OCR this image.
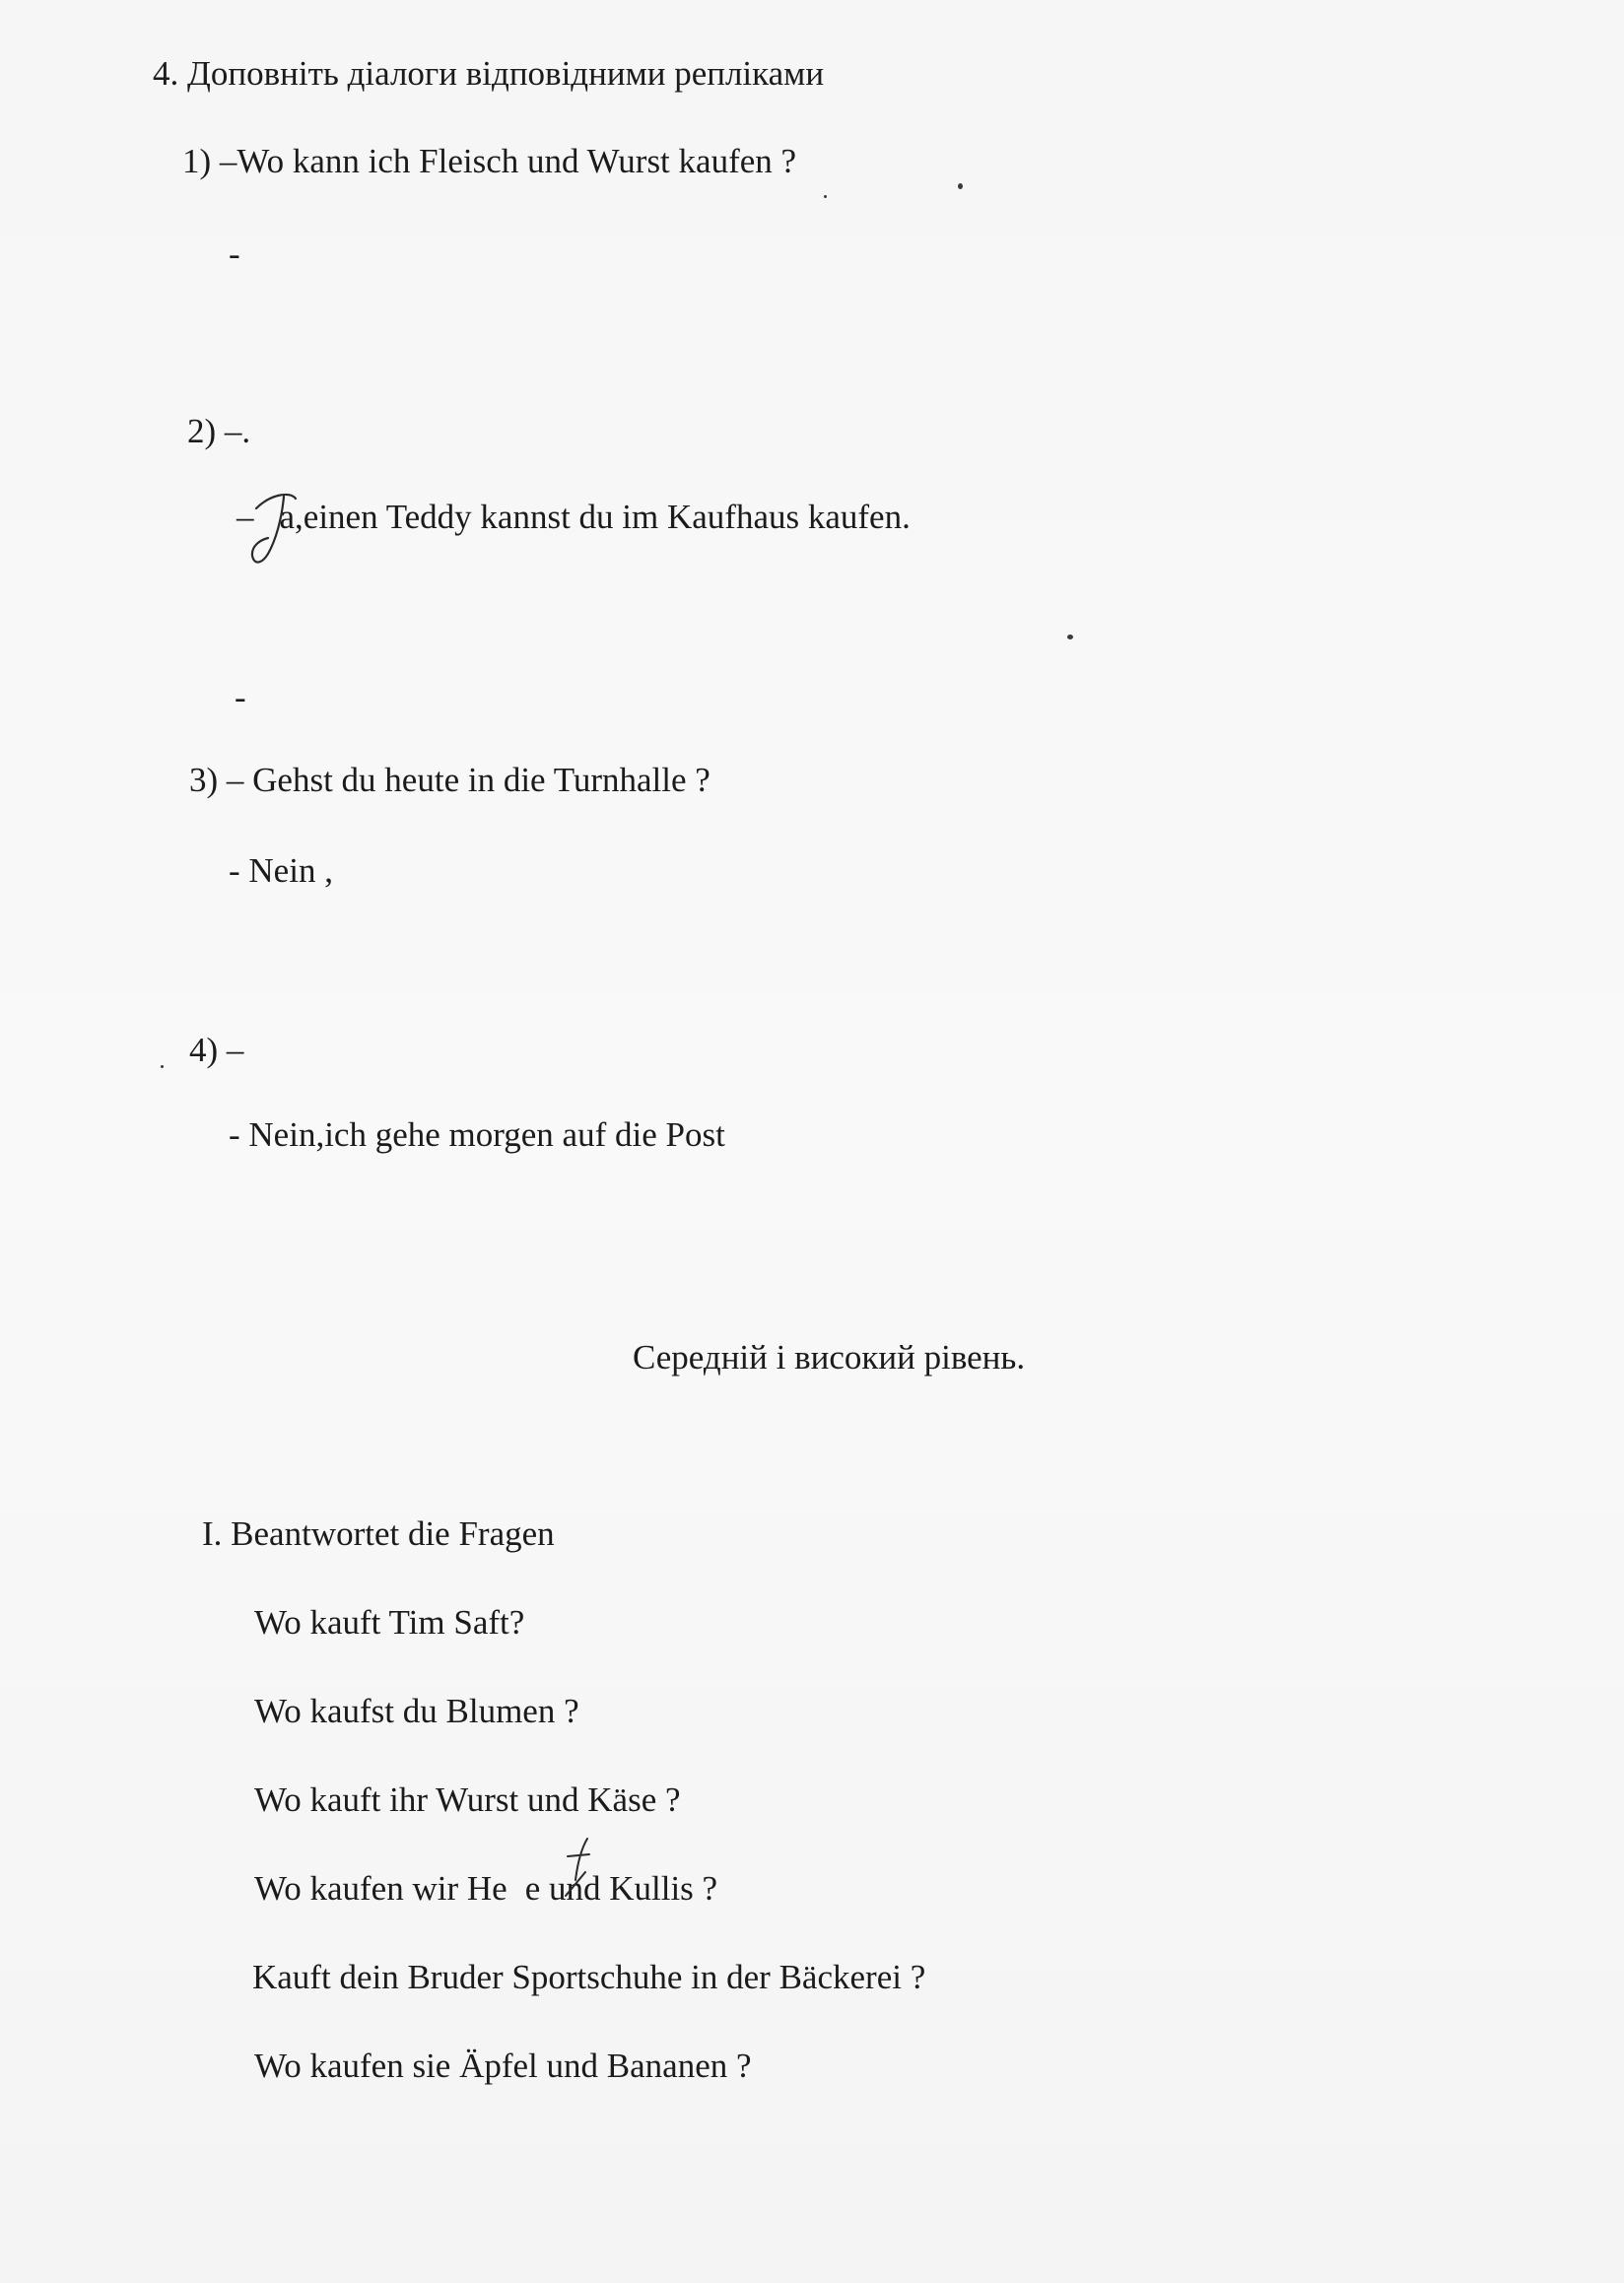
4. Доповніть діалоги відповідними репліками
1) –Wo kann ich Fleisch und Wurst kaufen ?
-
2) –.
– a,einen Teddy kannst du im Kaufhaus kaufen.
-
3) – Gehst du heute in die Turnhalle ?
- Nein ,
4) –
- Nein,ich gehe morgen auf die Post
Середній і високий рівень.
I. Beantwortet die Fragen
Wo kauft Tim Saft?
Wo kaufst du Blumen ?
Wo kauft ihr Wurst und Käse ?
Wo kaufen wir He e und Kullis ?
Kauft dein Bruder Sportschuhe in der Bäckerei ?
Wo kaufen sie Äpfel und Bananen ?
